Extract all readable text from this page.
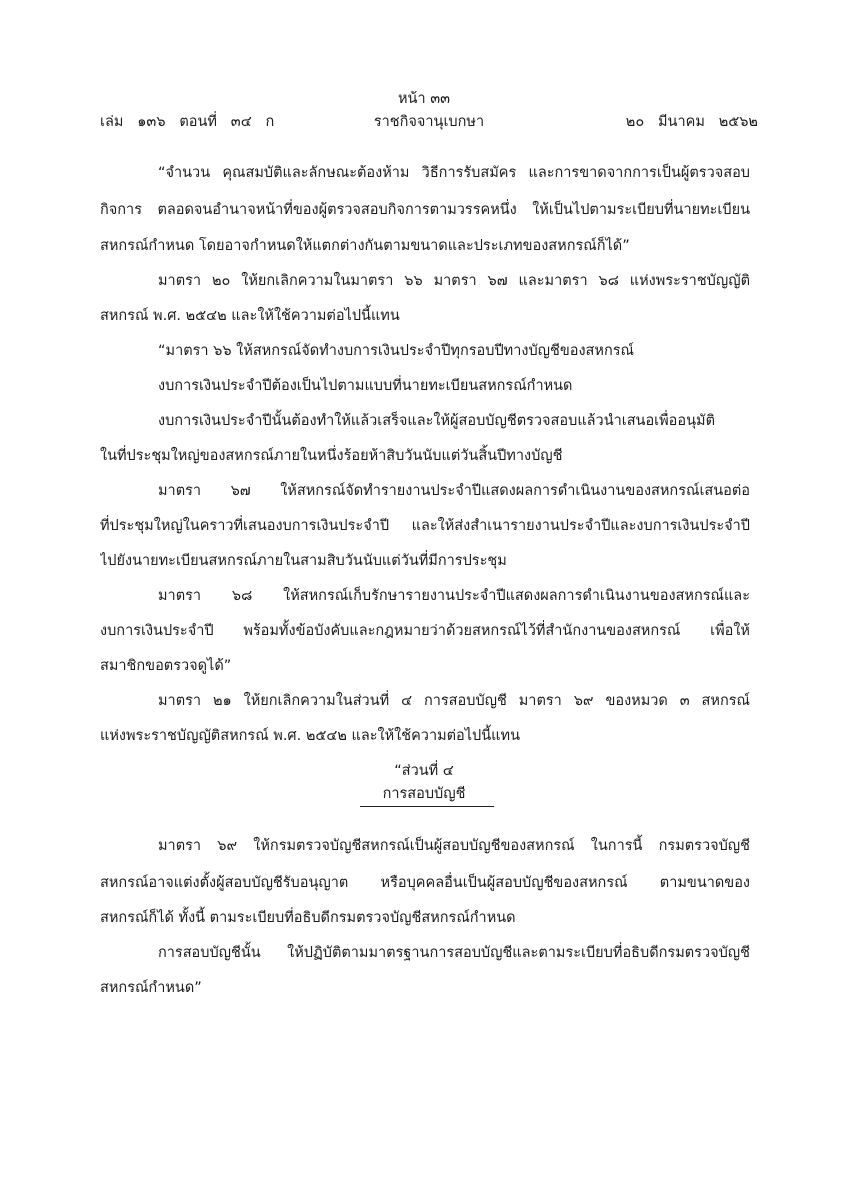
หน้า ๓๓
ราชกิจจานุเบกษา
เล่ม   ๑๓๖   ตอนที่   ๓๔   ก	๒๐   มีนาคม   ๒๕๖๒
“จำนวน คุณสมบัติและลักษณะต้องห้าม วิธีการรับสมัคร และการขาดจากการเป็นผู้ตรวจสอบ
กิจการ ตลอดจนอำนาจหน้าที่ของผู้ตรวจสอบกิจการตามวรรคหนึ่ง ให้เป็นไปตามระเบียบที่นายทะเบียน
สหกรณ์กำหนด โดยอาจกำหนดให้แตกต่างกันตามขนาดและประเภทของสหกรณ์ก็ได้”
มาตรา ๒๐ ให้ยกเลิกความในมาตรา ๖๖ มาตรา ๖๗ และมาตรา ๖๘ แห่งพระราชบัญญัติ
สหกรณ์ พ.ศ. ๒๕๔๒ และให้ใช้ความต่อไปนี้แทน
“มาตรา ๖๖ ให้สหกรณ์จัดทำงบการเงินประจำปีทุกรอบปีทางบัญชีของสหกรณ์
งบการเงินประจำปีต้องเป็นไปตามแบบที่นายทะเบียนสหกรณ์กำหนด
งบการเงินประจำปีนั้นต้องทำให้แล้วเสร็จและให้ผู้สอบบัญชีตรวจสอบแล้วนำเสนอเพื่ออนุมัติ
ในที่ประชุมใหญ่ของสหกรณ์ภายในหนึ่งร้อยห้าสิบวันนับแต่วันสิ้นปีทางบัญชี
มาตรา ๖๗ ให้สหกรณ์จัดทำรายงานประจำปีแสดงผลการดำเนินงานของสหกรณ์เสนอต่อ
ที่ประชุมใหญ่ในคราวที่เสนองบการเงินประจำปี และให้ส่งสำเนารายงานประจำปีและงบการเงินประจำปี
ไปยังนายทะเบียนสหกรณ์ภายในสามสิบวันนับแต่วันที่มีการประชุม
มาตรา ๖๘ ให้สหกรณ์เก็บรักษารายงานประจำปีแสดงผลการดำเนินงานของสหกรณ์และ
งบการเงินประจำปี พร้อมทั้งข้อบังคับและกฎหมายว่าด้วยสหกรณ์ไว้ที่สำนักงานของสหกรณ์ เพื่อให้
สมาชิกขอตรวจดูได้”
มาตรา ๒๑ ให้ยกเลิกความในส่วนที่ ๔ การสอบบัญชี มาตรา ๖๙ ของหมวด ๓ สหกรณ์
แห่งพระราชบัญญัติสหกรณ์ พ.ศ. ๒๕๔๒ และให้ใช้ความต่อไปนี้แทน
“ส่วนที่ ๔
การสอบบัญชี
มาตรา ๖๙ ให้กรมตรวจบัญชีสหกรณ์เป็นผู้สอบบัญชีของสหกรณ์ ในการนี้ กรมตรวจบัญชี
สหกรณ์อาจแต่งตั้งผู้สอบบัญชีรับอนุญาต หรือบุคคลอื่นเป็นผู้สอบบัญชีของสหกรณ์ ตามขนาดของ
สหกรณ์ก็ได้ ทั้งนี้ ตามระเบียบที่อธิบดีกรมตรวจบัญชีสหกรณ์กำหนด
การสอบบัญชีนั้น ให้ปฏิบัติตามมาตรฐานการสอบบัญชีและตามระเบียบที่อธิบดีกรมตรวจบัญชี
สหกรณ์กำหนด”
